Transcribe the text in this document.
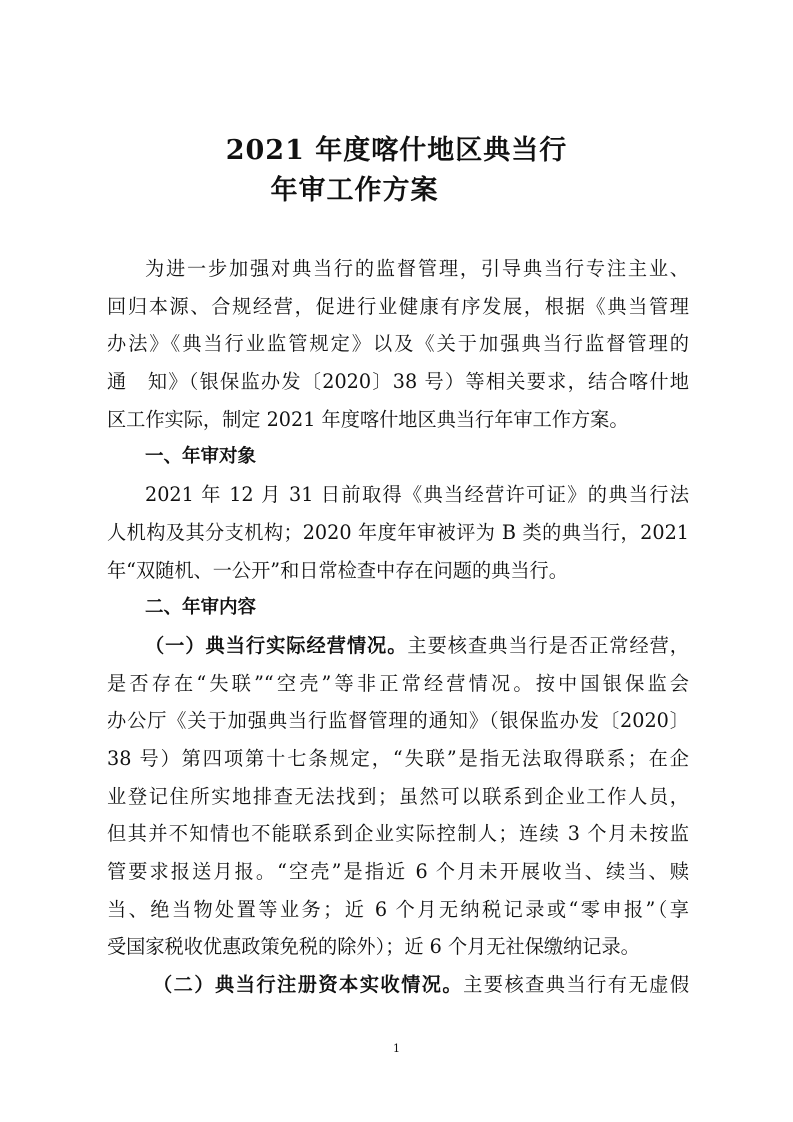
2021 年度喀什地区典当行
年审工作方案
为进一步加强对典当行的监督管理，引导典当行专注主业、
回归本源、合规经营，促进行业健康有序发展，根据《典当管理
办法》《典当行业监管规定》以及《关于加强典当行监督管理的
通　知》（银保监办发〔2020〕38 号）等相关要求，结合喀什地
区工作实际，制定 2021 年度喀什地区典当行年审工作方案。
一、年审对象
2021 年 12 月 31 日前取得《典当经营许可证》的典当行法
人机构及其分支机构；2020 年度年审被评为 B 类的典当行，2021
年“双随机、一公开”和日常检查中存在问题的典当行。
二、年审内容
（一）典当行实际经营情况。主要核查典当行是否正常经营，
是否存在“失联”“空壳”等非正常经营情况。按中国银保监会
办公厅《关于加强典当行监督管理的通知》（银保监办发〔2020〕
38 号）第四项第十七条规定，“失联”是指无法取得联系；在企
业登记住所实地排查无法找到；虽然可以联系到企业工作人员，
但其并不知情也不能联系到企业实际控制人；连续 3 个月未按监
管要求报送月报。“空壳”是指近 6 个月未开展收当、续当、赎
当、绝当物处置等业务；近 6 个月无纳税记录或“零申报”（享
受国家税收优惠政策免税的除外）；近 6 个月无社保缴纳记录。
（二）典当行注册资本实收情况。主要核查典当行有无虚假
1
